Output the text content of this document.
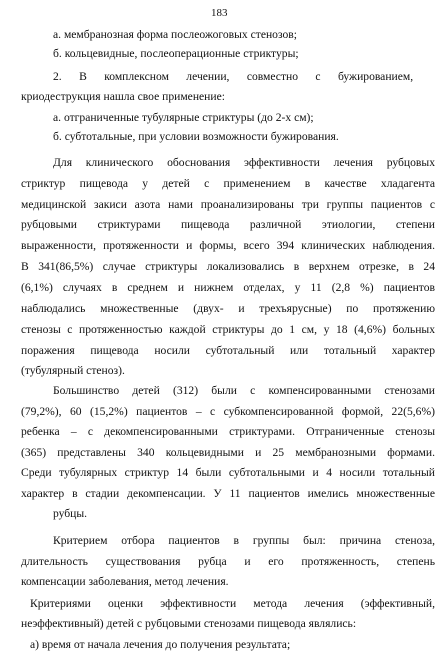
183
а. мембранозная форма послеожоговых стенозов;
б. кольцевидные, послеоперационные стриктуры;
2.      В      комплексном      лечении,      совместно      с      бужированием,
криодеструкция нашла свое применение:
а. отграниченные тубулярные стриктуры (до 2-х см);
б. субтотальные, при условии возможности бужирования.
Для клинического обоснования эффективности лечения рубцовых
стриктур пищевода у детей с применением в качестве хладагента
медицинской закиси азота нами проанализированы три группы пациентов с
рубцовыми стриктурами пищевода различной этиологии, степени
выраженности, протяженности и формы, всего 394 клинических наблюдения.
В 341(86,5%) случае стриктуры локализовались в верхнем отрезке, в 24
(6,1%) случаях в среднем и нижнем отделах, у 11 (2,8 %) пациентов
наблюдались множественные (двух- и трехъярусные) по протяжению
стенозы с протяженностью каждой стриктуры до 1 см, у 18 (4,6%) больных
поражения пищевода носили субтотальный или тотальный характер
(тубулярный стеноз).
Большинство детей (312) были с компенсированными стенозами
(79,2%), 60 (15,2%) пациентов – с субкомпенсированной формой, 22(5,6%)
ребенка – с декомпенсированными стриктурами. Отграниченные стенозы
(365) представлены 340 кольцевидными и 25 мембранозными формами.
Среди тубулярных стриктур 14 были субтотальными и 4 носили тотальный
характер в стадии декомпенсации. У 11 пациентов имелись множественные
рубцы.
Критерием отбора пациентов в группы был: причина стеноза,
длительность существования рубца и его протяженность, степень
компенсации заболевания, метод лечения.
Критериями оценки эффективности метода лечения (эффективный,
неэффективный) детей с рубцовыми стенозами пищевода являлись:
а) время от начала лечения до получения результата;
